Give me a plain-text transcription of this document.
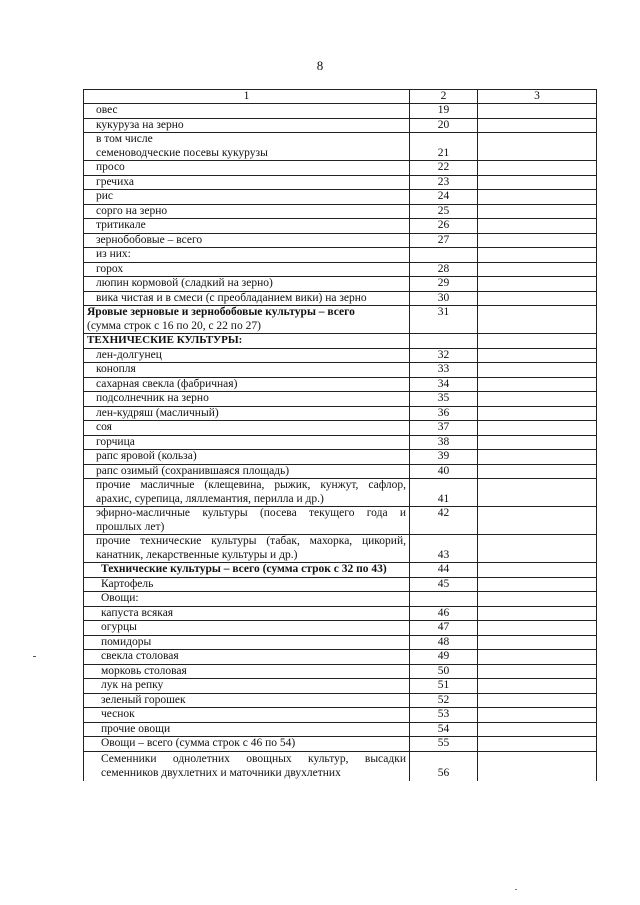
8
1	2	3
овес	19	
кукуруза на зерно	20	
в том числе
семеноводческие посевы кукурузы	21	
просо	22	
гречиха	23	
рис	24	
сорго на зерно	25	
тритикале	26	
зернобобовые – всего	27	
из них:		
горох	28	
люпин кормовой (сладкий на зерно)	29	
вика чистая и в смеси (с преобладанием вики) на зерно	30	
Яровые зерновые и зернобобовые культуры – всего
(сумма строк с 16 по 20, с 22 по 27)	31	
ТЕХНИЧЕСКИЕ КУЛЬТУРЫ:		
лен-долгунец	32	
конопля	33	
сахарная свекла (фабричная)	34	
подсолнечник на зерно	35	
лен-кудряш (масличный)	36	
соя	37	
горчица	38	
рапс яровой (кольза)	39	
рапс озимый (сохранившаяся площадь)	40	
прочие масличные (клещевина, рыжик, кунжут, сафлор, арахис, сурепица, ляллемантия, перилла и др.)	41	
эфирно-масличные культуры (посева текущего года и прошлых лет)	42	
прочие технические культуры (табак, махорка, цикорий, канатник, лекарственные культуры и др.)	43	
Технические культуры – всего (сумма строк с 32 по 43)	44	
Картофель	45	
Овощи:		
капуста всякая	46	
огурцы	47	
помидоры	48	
свекла столовая	49	
морковь столовая	50	
лук на репку	51	
зеленый горошек	52	
чеснок	53	
прочие овощи	54	
Овощи – всего (сумма строк с 46 по 54)	55	
Семенники однолетних овощных культур, высадки семенников двухлетних и маточники двухлетних	56	
